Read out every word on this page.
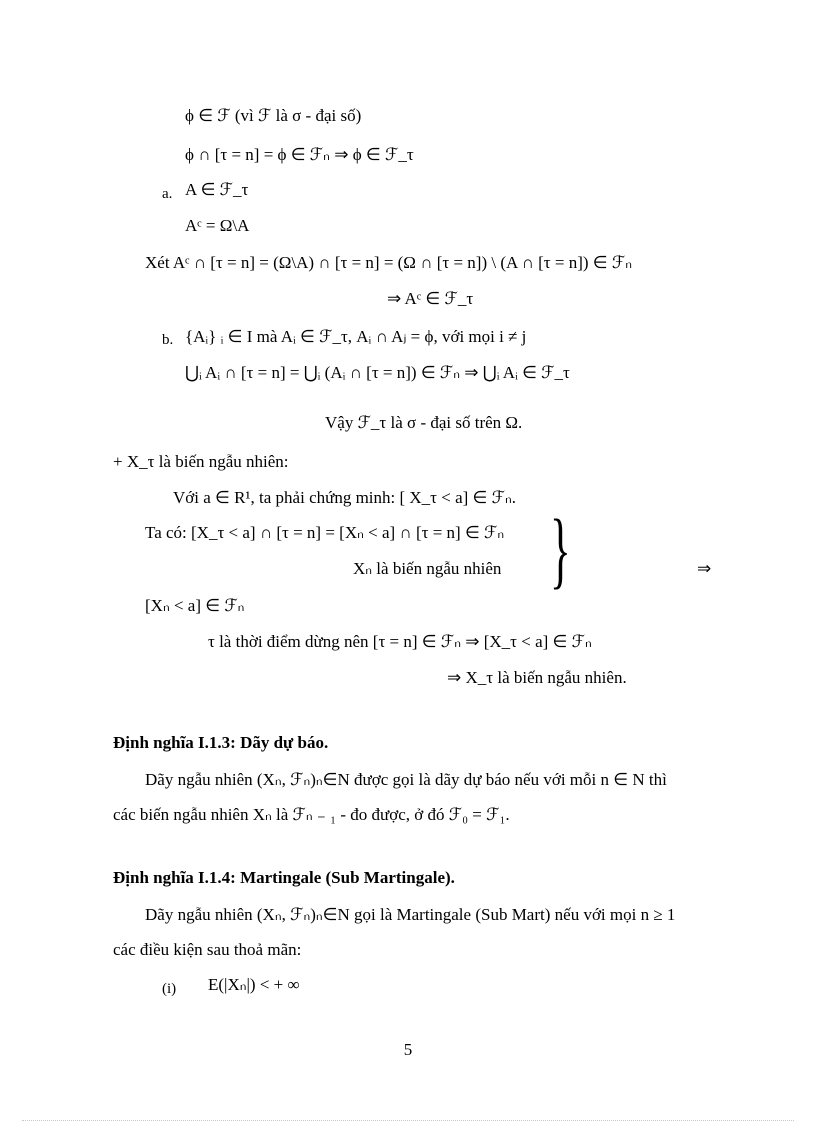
ϕ ∈ ℱ (vì ℱ là σ - đại số)
ϕ ∩ [τ = n] = ϕ ∈ ℱₙ ⇒ ϕ ∈ ℱ_τ
A ∈ ℱ_τ
Aᶜ = Ω\A
Xét Aᶜ ∩ [τ = n] = (Ω\A) ∩ [τ = n] = (Ω ∩ [τ = n]) \ (A ∩ [τ = n]) ∈ ℱₙ
⇒ Aᶜ ∈ ℱ_τ
{Aᵢ} ᵢ ∈ I mà Aᵢ ∈ ℱ_τ, Aᵢ ∩ Aⱼ = ϕ, với mọi i ≠ j
⋃ᵢ Aᵢ ∩ [τ = n] = ⋃ᵢ (Aᵢ ∩ [τ = n]) ∈ ℱₙ ⇒ ⋃ᵢ Aᵢ ∈ ℱ_τ
Vậy ℱ_τ là σ - đại số trên Ω.
+ X_τ là biến ngẫu nhiên:
Với a ∈ R¹, ta phải chứng minh: [ X_τ < a] ∈ ℱₙ.
Ta có: [X_τ < a] ∩ [τ = n] = [Xₙ < a] ∩ [τ = n] ∈ ℱₙ
Xₙ là biến ngẫu nhiên	⇒
[Xₙ < a] ∈ ℱₙ
τ là thời điểm dừng nên [τ = n] ∈ ℱₙ ⇒ [X_τ < a] ∈ ℱₙ
⇒ X_τ là biến ngẫu nhiên.
Dãy ngẫu nhiên (Xₙ, ℱₙ)ₙ∈N được gọi là dãy dự báo nếu với mỗi n ∈ N thì
các biến ngẫu nhiên Xₙ là ℱₙ ₋ ₁ - đo được, ở đó ℱ₀ = ℱ₁.
Dãy ngẫu nhiên (Xₙ, ℱₙ)ₙ∈N gọi là Martingale (Sub Mart) nếu với mọi n ≥ 1
các điều kiện sau thoả mãn:
E(|Xₙ|) < + ∞
a.
b.
(i)
Định nghĩa I.1.3: Dãy dự báo.
Định nghĩa I.1.4: Martingale (Sub Martingale).
}
5
